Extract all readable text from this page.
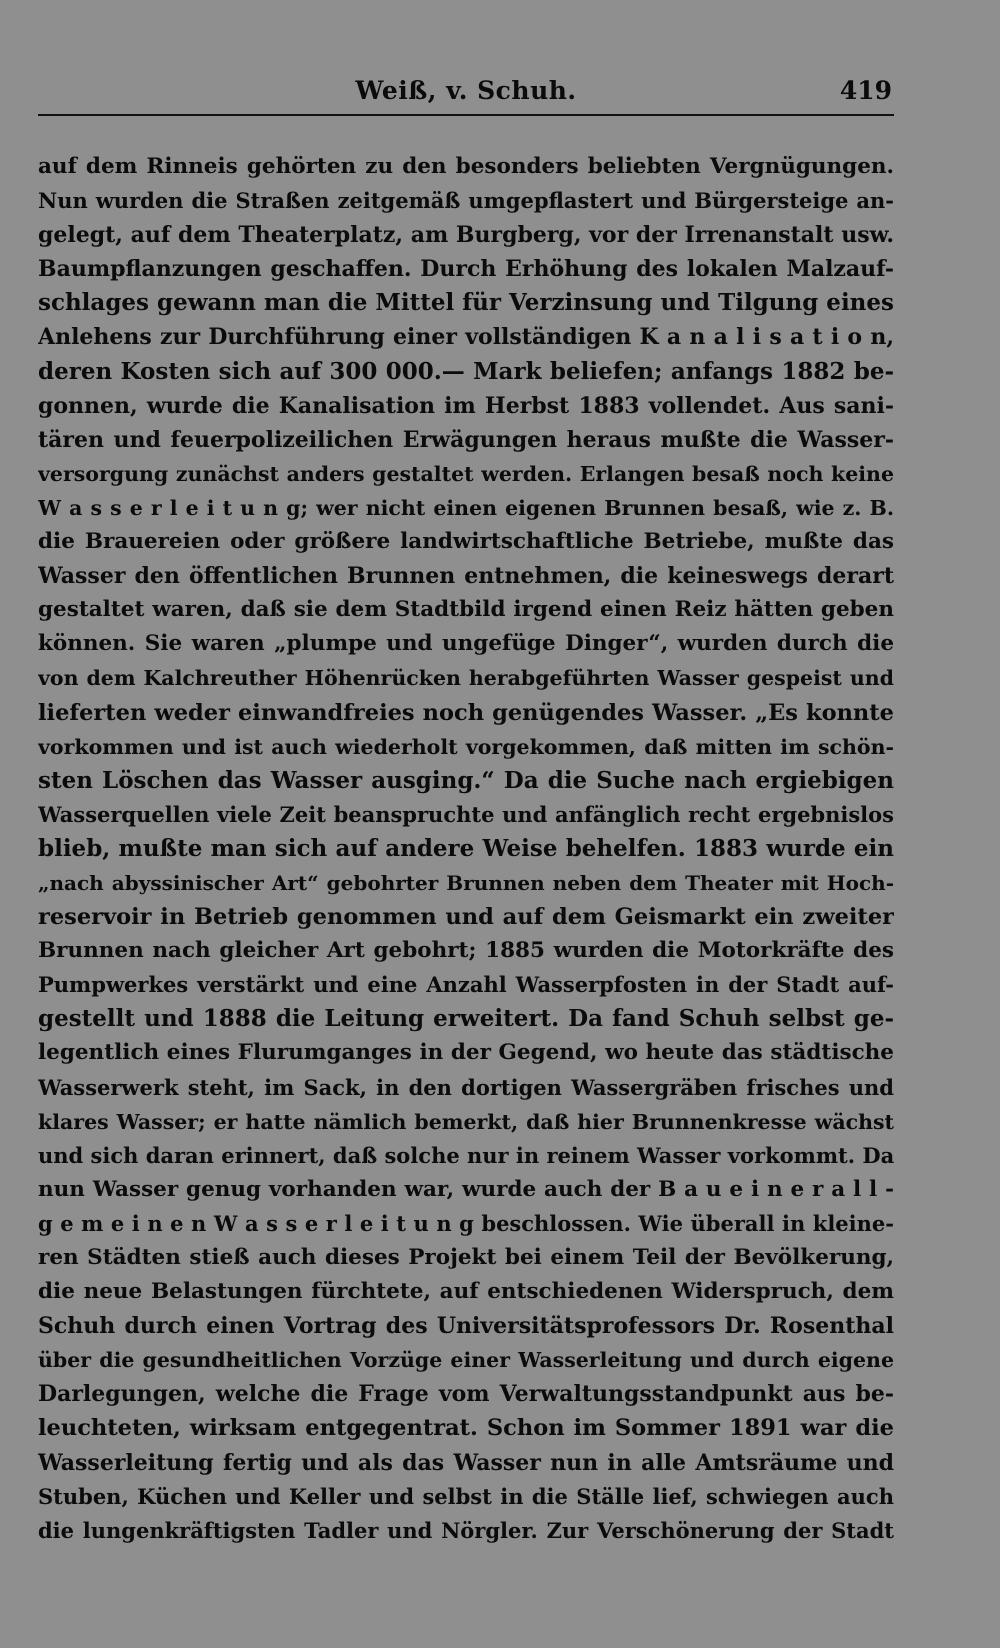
Weiß, v. Schuh.	419
auf dem Rinneis gehörten zu den besonders beliebten Vergnügungen.
Nun wurden die Straßen zeitgemäß umgepflastert und Bürgersteige an-
gelegt, auf dem Theaterplatz, am Burgberg, vor der Irrenanstalt usw.
Baumpflanzungen geschaffen. Durch Erhöhung des lokalen Malzauf-
schlages gewann man die Mittel für Verzinsung und Tilgung eines
Anlehens zur Durchführung einer vollständigen K a n a l i s a t i o n,
deren Kosten sich auf 300 000.— Mark beliefen; anfangs 1882 be-
gonnen, wurde die Kanalisation im Herbst 1883 vollendet. Aus sani-
tären und feuerpolizeilichen Erwägungen heraus mußte die Wasser-
versorgung zunächst anders gestaltet werden. Erlangen besaß noch keine
W a s s e r l e i t u n g; wer nicht einen eigenen Brunnen besaß, wie z. B.
die Brauereien oder größere landwirtschaftliche Betriebe, mußte das
Wasser den öffentlichen Brunnen entnehmen, die keineswegs derart
gestaltet waren, daß sie dem Stadtbild irgend einen Reiz hätten geben
können. Sie waren „plumpe und ungefüge Dinger“, wurden durch die
von dem Kalchreuther Höhenrücken herabgeführten Wasser gespeist und
lieferten weder einwandfreies noch genügendes Wasser. „Es konnte
vorkommen und ist auch wiederholt vorgekommen, daß mitten im schön-
sten Löschen das Wasser ausging.“ Da die Suche nach ergiebigen
Wasserquellen viele Zeit beanspruchte und anfänglich recht ergebnislos
blieb, mußte man sich auf andere Weise behelfen. 1883 wurde ein
„nach abyssinischer Art“ gebohrter Brunnen neben dem Theater mit Hoch-
reservoir in Betrieb genommen und auf dem Geismarkt ein zweiter
Brunnen nach gleicher Art gebohrt; 1885 wurden die Motorkräfte des
Pumpwerkes verstärkt und eine Anzahl Wasserpfosten in der Stadt auf-
gestellt und 1888 die Leitung erweitert. Da fand Schuh selbst ge-
legentlich eines Flurumganges in der Gegend, wo heute das städtische
Wasserwerk steht, im Sack, in den dortigen Wassergräben frisches und
klares Wasser; er hatte nämlich bemerkt, daß hier Brunnenkresse wächst
und sich daran erinnert, daß solche nur in reinem Wasser vorkommt. Da
nun Wasser genug vorhanden war, wurde auch der B a u e i n e r a l l -
g e m e i n e n W a s s e r l e i t u n g beschlossen. Wie überall in kleine-
ren Städten stieß auch dieses Projekt bei einem Teil der Bevölkerung,
die neue Belastungen fürchtete, auf entschiedenen Widerspruch, dem
Schuh durch einen Vortrag des Universitätsprofessors Dr. Rosenthal
über die gesundheitlichen Vorzüge einer Wasserleitung und durch eigene
Darlegungen, welche die Frage vom Verwaltungsstandpunkt aus be-
leuchteten, wirksam entgegentrat. Schon im Sommer 1891 war die
Wasserleitung fertig und als das Wasser nun in alle Amtsräume und
Stuben, Küchen und Keller und selbst in die Ställe lief, schwiegen auch
die lungenkräftigsten Tadler und Nörgler. Zur Verschönerung der Stadt
